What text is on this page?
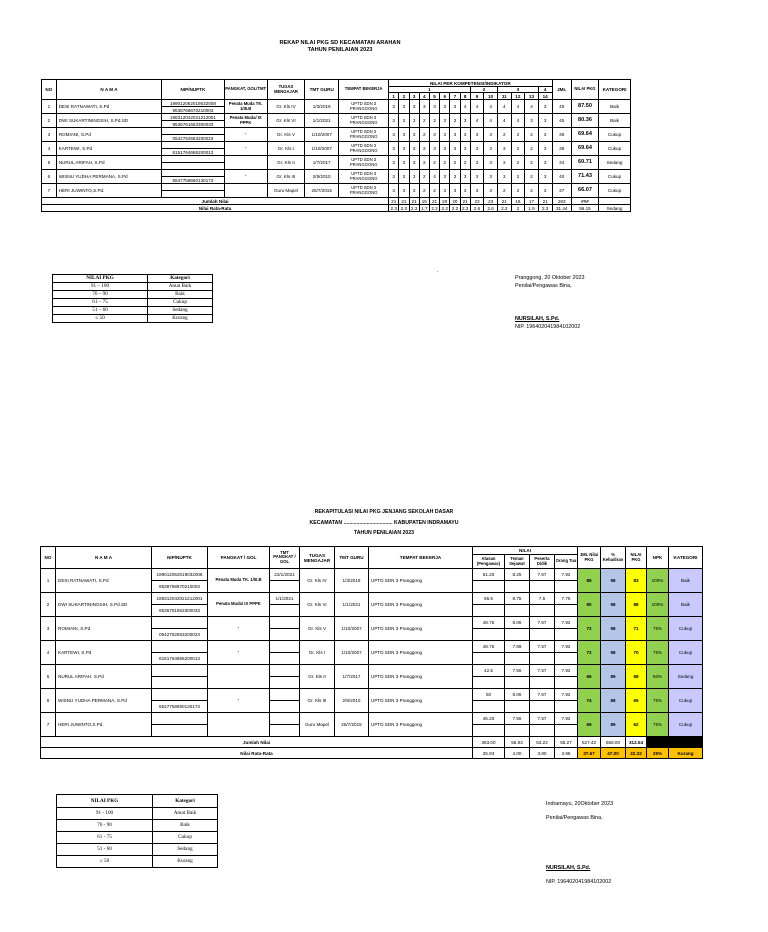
REKAP NILAI PKG SD KECAMATAN ARAHAN
TAHUN PENILAIAN 2023
NO	N A M A	NIP/NUPTK	PANGKAT, GOL/TMT	TUGAS MENGAJAR	TMT GURU	TEMPAT BEKERJA	NILAI PER KOMPETENSI/INDIKATOR														JML	NILAI PKG	KATEGORI
							1								2		3			4			
							1	2	3	4	5	6	7	8	9	10	11	12	13	14			
1	DESI RATNAWATI, S.Pd	199012062019032008	Penata Muda TK. 1/III.B	Gr. Kls IV	1/3/2019	UPTD SDN 3 PRANGGONG	3	3	3	3	3	3	3	4	4	4	4	4	4	3	49	87.50	Baik
		9538768670210003																					
2	DWI SUKARTININGSIH, S.Pd.SD	198312042021212001	Penata Muda/ IX PPPK	Gr. Kls VI	1/1/2021	UPTD SDN 3 PRANGGONG	3	3	3	2	3	3	3	3	4	4	4	4	3	3	45	80.36	Baik
		9536761663300033																					
3	ROMIANI, S.Pd		-	Gr. Kls V	1/10/2007	UPTD SDN 3 PRANGGONG	3	3	3	2	3	3	3	3	3	3	2	2	2	3	39	69.64	Cukup
		0542762663200023																					
4	KARTEWI, S.Pd		-	Gr. Kls I	1/10/2007	UPTD SDN 3 PRANGGONG	3	3	3	2	3	3	3	3	3	3	3	2	2	3	39	69.64	Cukup
		6151764666200013																					
5	NURUL ARIFAH, S.Pd			Gr. Kls II	1/7/2017	UPTD SDN 3 PRANGGONG	3	3	3	2	2	2	2	2	3	3	2	2	2	3	34	60.71	Sedang

6	WISNU YUDHA PERMANA, S.Pd		-	Gr. Kls III	2/9/2010	UPTD SDN 3 PRANGGONG	3	3	3	2	4	3	3	3	3	3	3	2	2	3	40	71.43	Cukup
		5547758660130173																					
7	HERI JUWINTO,S.Pd.			Guru Mapel	25/7/2015	UPTD SDN 3 PRANGGONG	3	3	3	2	2	3	3	3	3	3	2	2	2	3	37	66.07	Cukup

Jumlah Nilai							21	21	21	15	21	20	20	21	23	23	21	18	17	21	283	###	
Nilai Rata-Rata							2.3	2.3	2.3	1.7	2.3	2.2	2.2	2.3	2.6	2.6	2.3	2	1.9	2.3	31.44	56.15	Sedang
.
NILAI PKG	Kategori
91 – 100	Amat Baik
76 – 90	Baik
61 – 75	Cukup
51 – 60	Sedang
≤ 50	Kurang
Pranggong, 20 Oktober 2023
Penilai/Pengawas Bina,
NURSILAH, S.Pd.
NIP. 196402041984102002
REKAPITULASI NILAI PKG JENJANG SEKOLAH DASAR
KECAMATAN .................................. KABUPATEN INDRAMAYU
TAHUN PENILAIAN 2023
NO	N A M A	NIP/NUPTK	PANGKAT / GOL	TMT PANGKAT / GOL	TUGAS MENGAJAR	TMT GURU	TEMPAT BEKERJA	NILAI				JML Nilai PKG	% Kehadiran	NILAI PKG	NPK	KATEGORI
								Atasan (Pengawas)	Teman Sejawat	Peserta Didik	Orang Tua					
1	DESI RATNAWATI, S.Pd	199012062019032008	Penata Muda TK. 1/III.B	22/1/2021	Gr. Kls IV	1/3/2019	UPTD SDN 3 Pranggong	61.25	8.25	7.67	7.92	85	98	83	100%	Baik
		9538768670210003														
2	DWI SUKARTININGSIH, S.Pd.SD	198312042021212001	Penata Muda/ IX PPPK	1/1/2021	Gr. Kls VI	1/1/2021	UPTD SDN 3 Pranggong	65.5	8.75	7.5	7.75	90	98	88	100%	Baik
		9536761663300033														
3	ROMIANI, S.Pd		-		Gr. Kls V	1/10/2007	UPTD SDN 3 Pranggong	48.75	8.06	7.67	7.92	72	98	71	75%	Cukup
		0542762663200023														
4	KARTEWI, S.Pd		-		Gr. Kls I	1/10/2007	UPTD SDN 3 Pranggong	48.75	7.69	7.57	7.92	72	98	70	75%	Cukup
		6151764666200013														
5	NURUL ARIFAH, S.Pd				Gr. Kls II	1/7/2017	UPTD SDN 3 Pranggong	42.5	7.56	7.57	7.92	66	89	58	50%	Sedang

6	WISNU YUDHA PERMANA, S.Pd		-		Gr. Kls III	2/9/2010	UPTD SDN 3 Pranggong	50	8.06	7.67	7.92	74	88	65	75%	Cukup
		5547758660130173														
7	HERI JUWINTO,S.Pd.				Guru Mapel	25/7/2015	UPTD SDN 3 Pranggong	46.25	7.56	7.57	7.92	69	89	62	75%	Cukup

Jumlah Nilai								363.00	55.93	53.22	55.27	527.42	658.00	312.54		
Nilai Rata-Rata								25.93	4.00	3.80	3.95	37.67	47.00	22.32	25%	Kurang
NILAI PKG	Kategori
91 - 100	Amat Baik
76 - 90	Baik
61 - 75	Cukup
51 - 60	Sedang
≤ 50	Kurang
Indramayu, 20Oktober 2023
Penilai/Pengawas Bina,
NURSILAH, S.Pd.
NIP. 196402041984102002
